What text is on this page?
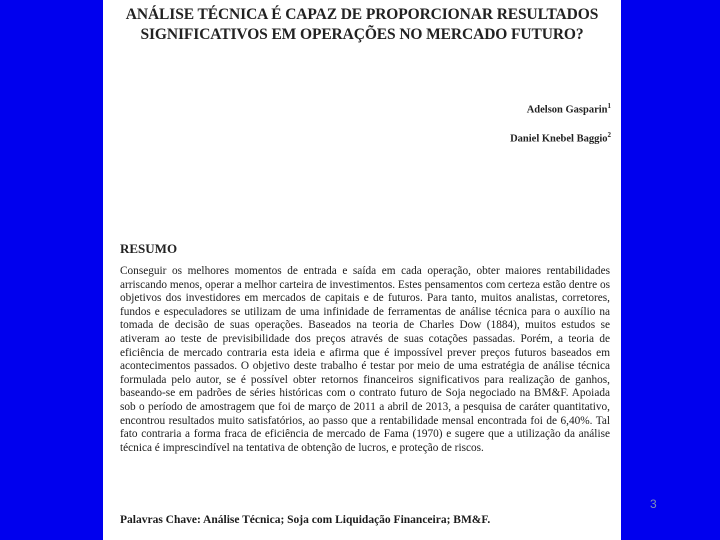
ANÁLISE TÉCNICA É CAPAZ DE PROPORCIONAR RESULTADOS
SIGNIFICATIVOS EM OPERAÇÕES NO MERCADO FUTURO?
Adelson Gasparin$^1$
Daniel Knebel Baggio$^2$
RESUMO
Conseguir os melhores momentos de entrada e saída em cada operação, obter maiores rentabilidades arriscando menos, operar a melhor carteira de investimentos. Estes pensamentos com certeza estão dentre os objetivos dos investidores em mercados de capitais e de futuros. Para tanto, muitos analistas, corretores, fundos e especuladores se utilizam de uma infinidade de ferramentas de análise técnica para o auxílio na tomada de decisão de suas operações. Baseados na teoria de Charles Dow (1884), muitos estudos se ativeram ao teste de previsibilidade dos preços através de suas cotações passadas. Porém, a teoria de eficiência de mercado contraria esta ideia e afirma que é impossível prever preços futuros baseados em acontecimentos passados. O objetivo deste trabalho é testar por meio de uma estratégia de análise técnica formulada pelo autor, se é possível obter retornos financeiros significativos para realização de ganhos, baseando-se em padrões de séries históricas com o contrato futuro de Soja negociado na BM&F. Apoiada sob o período de amostragem que foi de março de 2011 a abril de 2013, a pesquisa de caráter quantitativo, encontrou resultados muito satisfatórios, ao passo que a rentabilidade mensal encontrada foi de 6,40%. Tal fato contraria a forma fraca de eficiência de mercado de Fama (1970) e sugere que a utilização da análise técnica é imprescindível na tentativa de obtenção de lucros, e proteção de riscos.
Palavras Chave: Análise Técnica; Soja com Liquidação Financeira; BM&F.
3
